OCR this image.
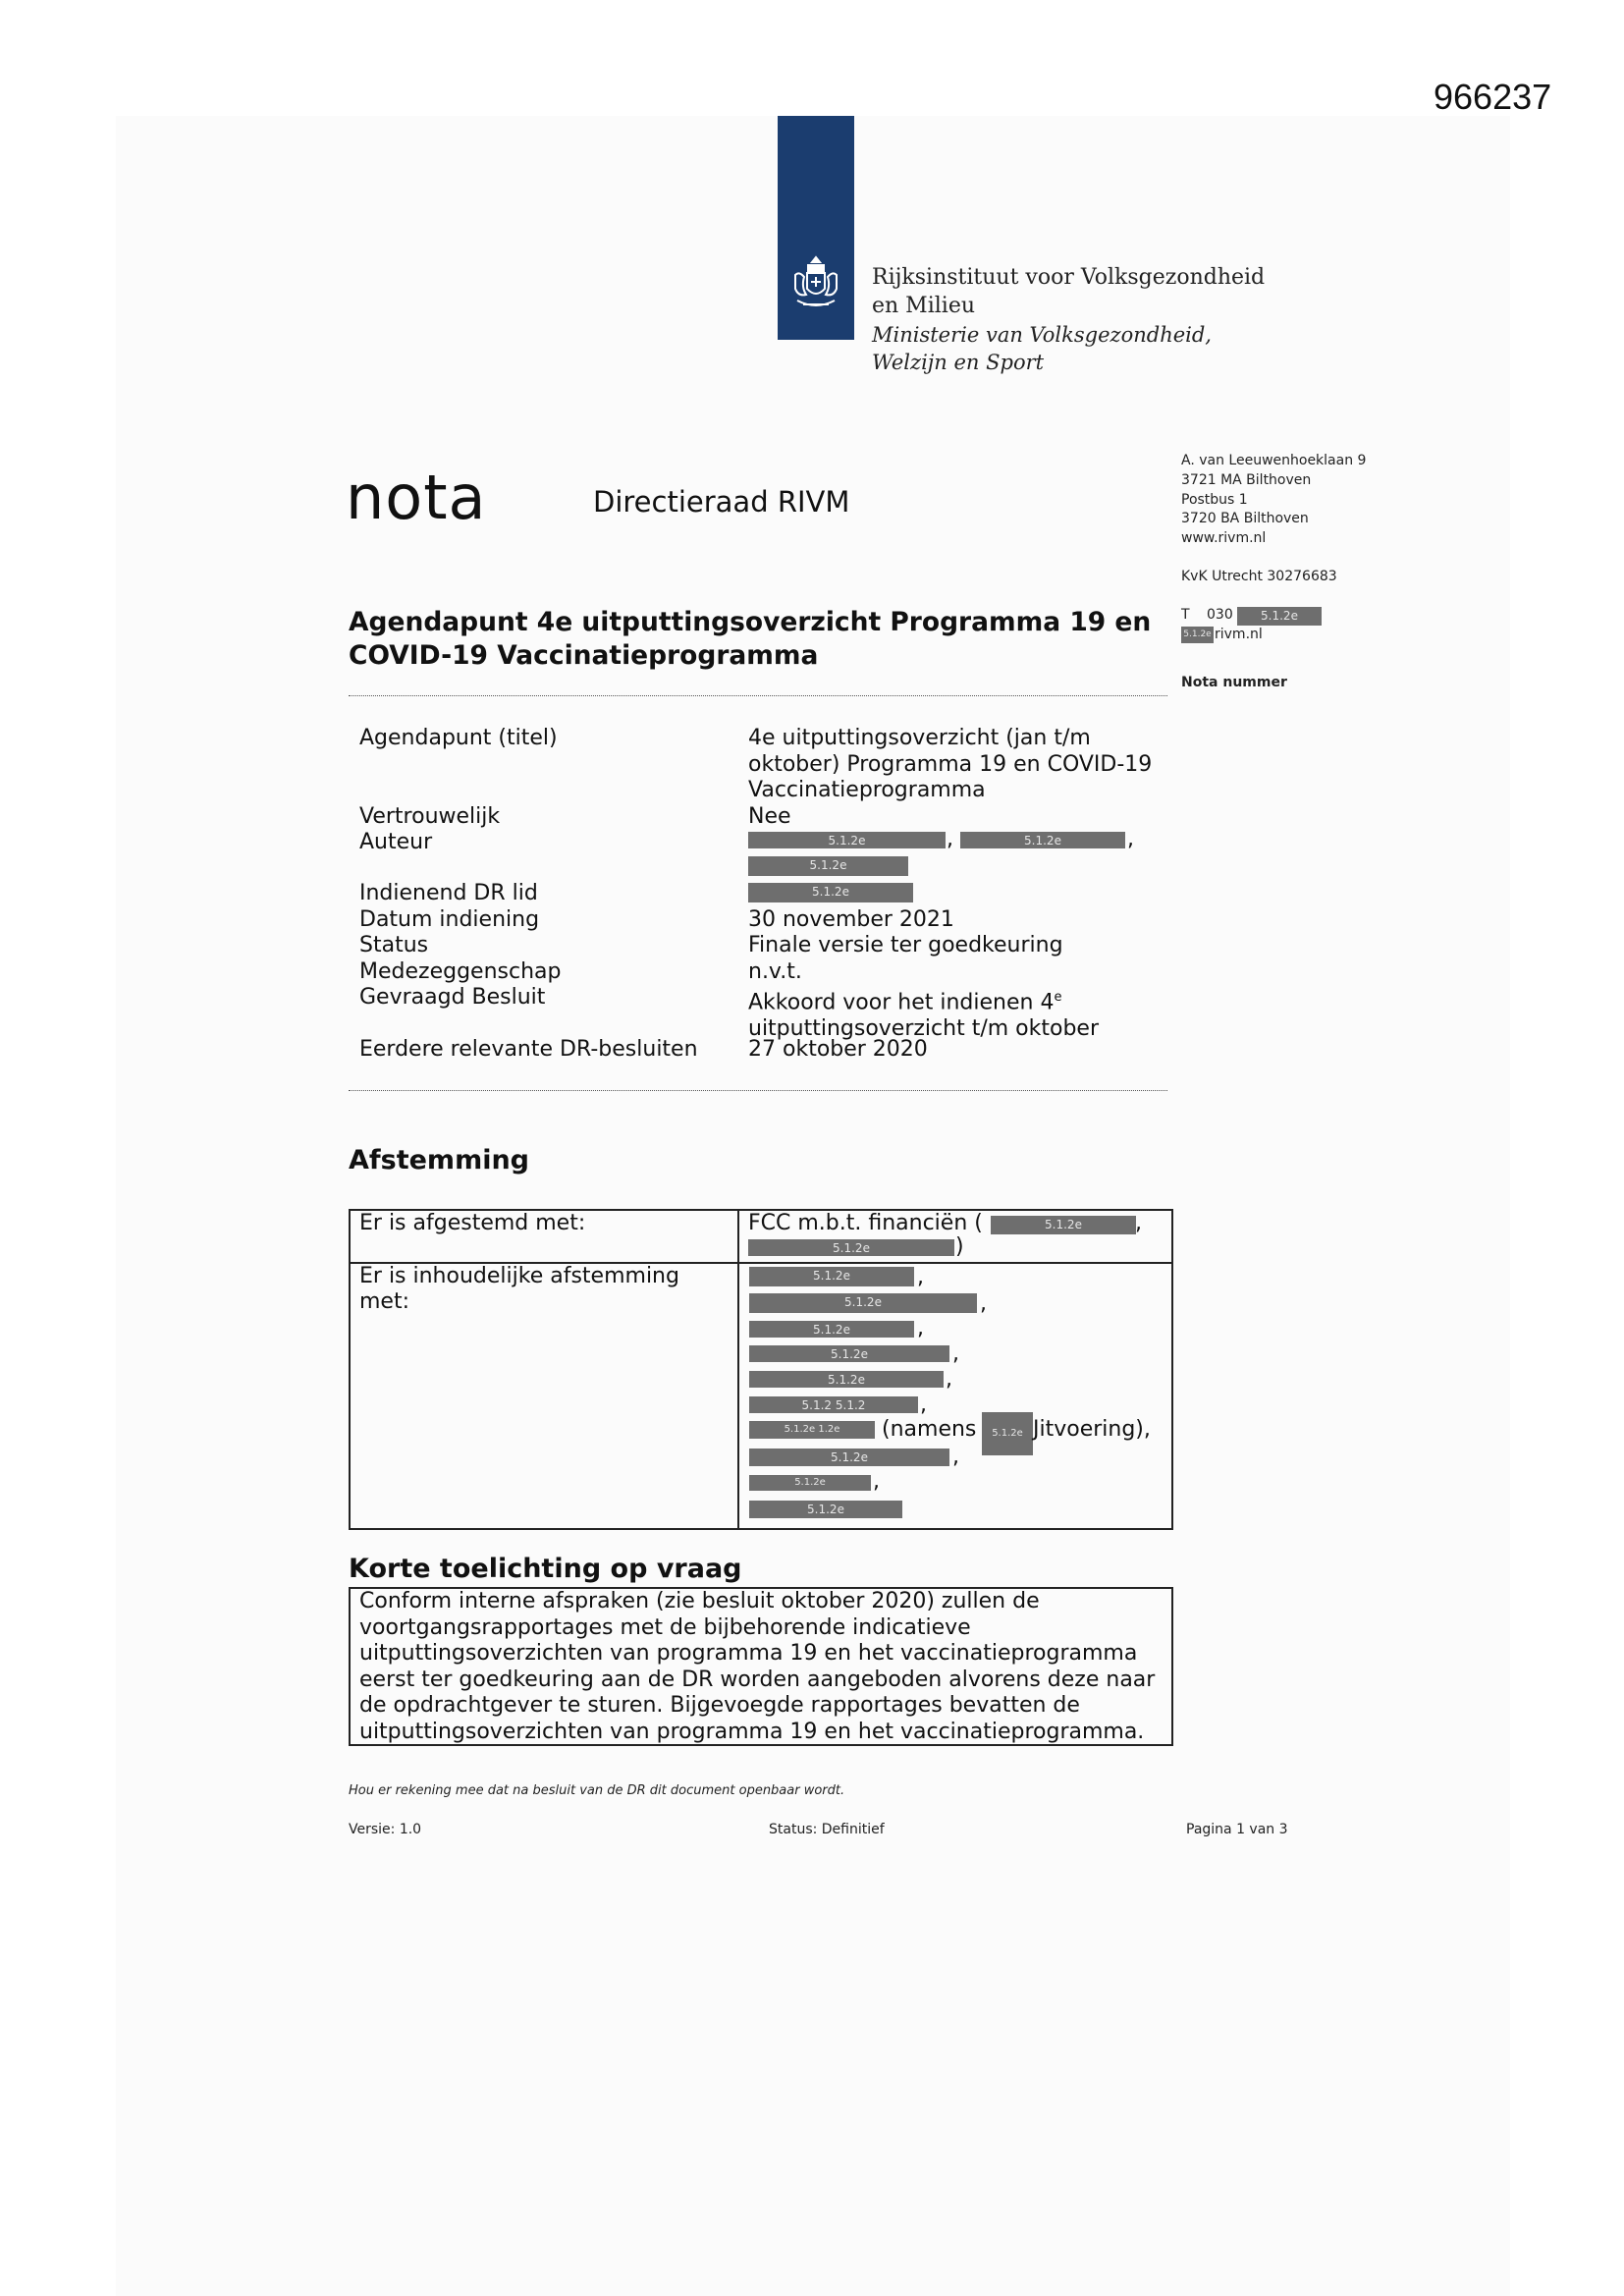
966237
Rijksinstituut voor Volksgezondheid
en Milieu
Ministerie van Volksgezondheid,
Welzijn en Sport
nota	Directieraad RIVM
A. van Leeuwenhoeklaan 9
3721 MA Bilthoven
Postbus 1
3720 BA Bilthoven
www.rivm.nl
KvK Utrecht 30276683
T 030	5.1.2e
5.1.2e rivm.nl
Nota nummer
Agendapunt 4e uitputtingsoverzicht Programma 19 en COVID-19 Vaccinatieprogramma
Agendapunt (titel)	4e uitputtingsoverzicht (jan t/m oktober) Programma 19 en COVID-19 Vaccinatieprogramma
Vertrouwelijk	Nee
Auteur	5.1.2e	,	5.1.2e	,
5.1.2e
Indienend DR lid	5.1.2e
Datum indiening	30 november 2021
Status	Finale versie ter goedkeuring
Medezeggenschap	n.v.t.
Gevraagd Besluit	Akkoord voor het indienen 4e
uitputtingsoverzicht t/m oktober
Eerdere relevante DR-besluiten 27 oktober 2020
Afstemming
Er is afgestemd met:	FCC m.b.t. financiën (	5.1.2e	,
5.1.2e	)
Er is inhoudelijke afstemming met:
5.1.2e	,
5.1.2e	,
5.1.2e	,
5.1.2e	,
5.1.2e	,
5.1.2 5.1.2	,
5.1.2e 1.2e	(namens	5.1.2e Jitvoering),
5.1.2e	,
5.1.2e	,
5.1.2e
Korte toelichting op vraag
Conform interne afspraken (zie besluit oktober 2020) zullen de voortgangsrapportages met de bijbehorende indicatieve uitputtingsoverzichten van programma 19 en het vaccinatieprogramma eerst ter goedkeuring aan de DR worden aangeboden alvorens deze naar de opdrachtgever te sturen. Bijgevoegde rapportages bevatten de uitputtingsoverzichten van programma 19 en het vaccinatieprogramma.
Hou er rekening mee dat na besluit van de DR dit document openbaar wordt.
Versie: 1.0	Status: Definitief	Pagina 1 van 3
